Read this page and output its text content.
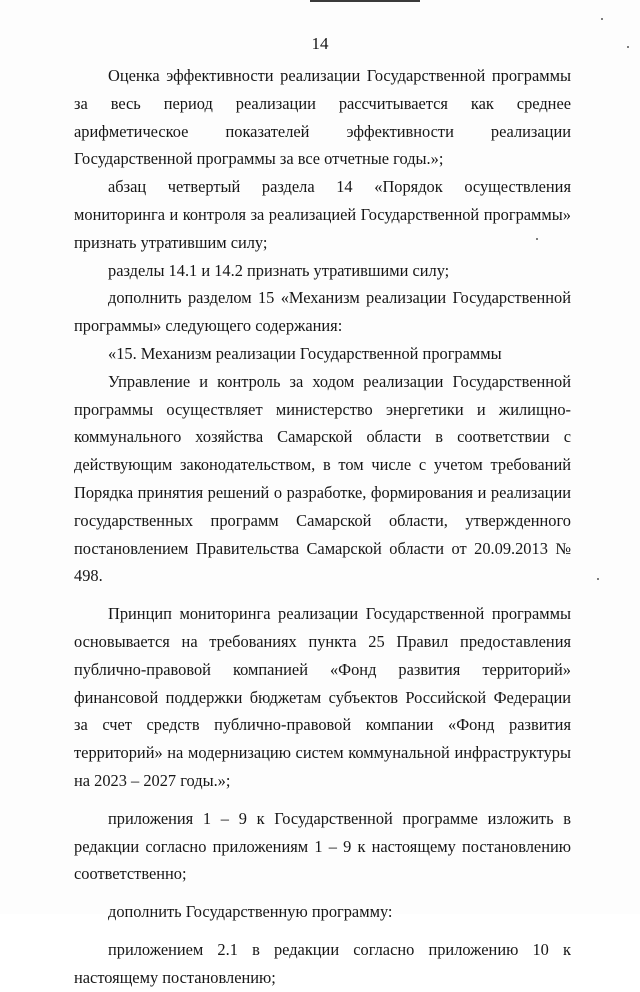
14

Оценка эффективности реализации Государственной программы за весь период реализации рассчитывается как среднее арифметическое показателей эффективности реализации Государственной программы за все отчетные годы.»;

абзац четвертый раздела 14 «Порядок осуществления мониторинга и контроля за реализацией Государственной программы» признать утратившим силу;

разделы 14.1 и 14.2 признать утратившими силу;

дополнить разделом 15 «Механизм реализации Государственной программы» следующего содержания:

«15. Механизм реализации Государственной программы

Управление и контроль за ходом реализации Государственной программы осуществляет министерство энергетики и жилищно-коммунального хозяйства Самарской области в соответствии с действующим законодательством, в том числе с учетом требований Порядка принятия решений о разработке, формирования и реализации государственных программ Самарской области, утвержденного постановлением Правительства Самарской области от 20.09.2013 № 498.

Принцип мониторинга реализации Государственной программы основывается на требованиях пункта 25 Правил предоставления публично-правовой компанией «Фонд развития территорий» финансовой поддержки бюджетам субъектов Российской Федерации за счет средств публично-правовой компании «Фонд развития территорий» на модернизацию систем коммунальной инфраструктуры на 2023 – 2027 годы.»;

приложения 1 – 9 к Государственной программе изложить в редакции согласно приложениям 1 – 9 к настоящему постановлению соответственно;

дополнить Государственную программу:

приложением 2.1 в редакции согласно приложению 10 к настоящему постановлению;
